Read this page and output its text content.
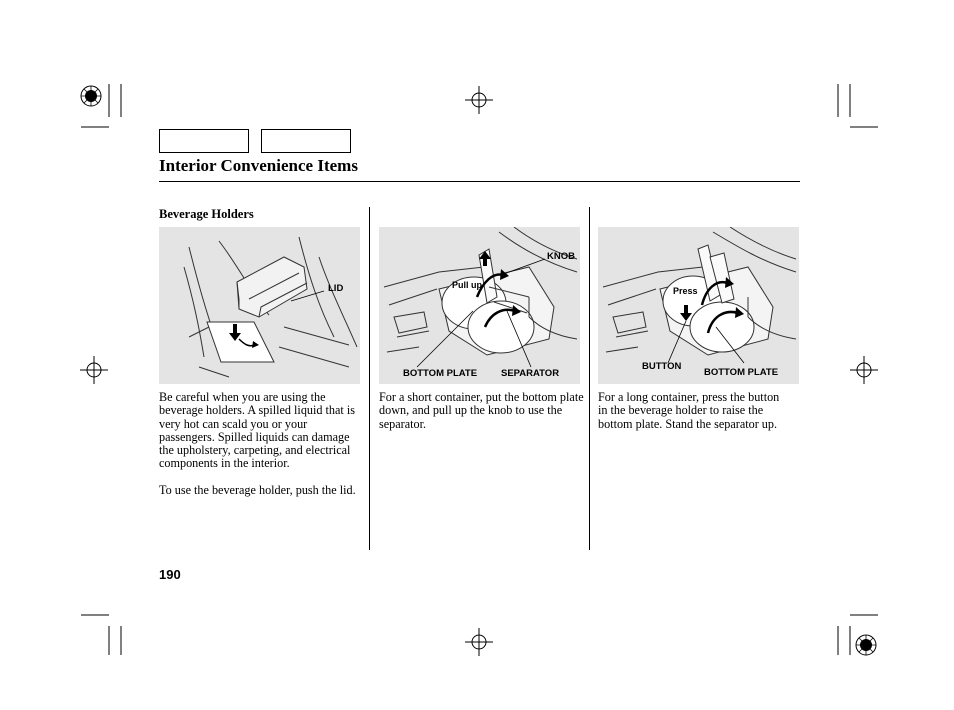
Interior Convenience Items
Beverage Holders
LID
KNOB
Pull up
BOTTOM PLATE	SEPARATOR
Press
BUTTON
BOTTOM PLATE

Be careful when you are using the beverage holders. A spilled liquid that is very hot can scald you or your passengers. Spilled liquids can damage the upholstery, carpeting, and electrical components in the interior.

To use the beverage holder, push the lid.

For a short container, put the bottom plate down, and pull up the knob to use the separator.

For a long container, press the button in the beverage holder to raise the bottom plate. Stand the separator up.

190
